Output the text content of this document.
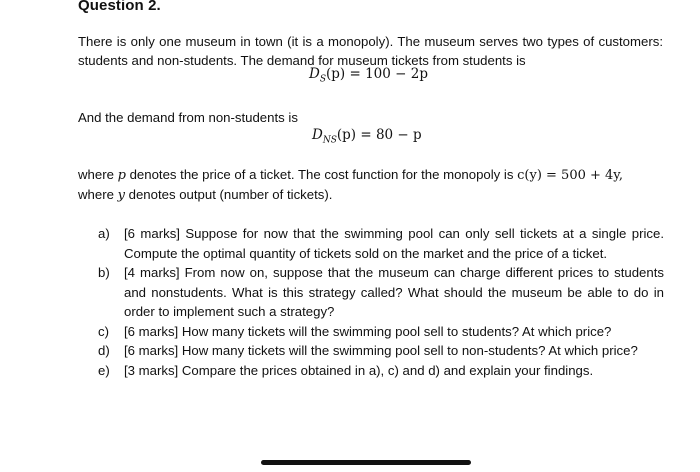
Question 2.
There is only one museum in town (it is a monopoly). The museum serves two types of customers: students and non-students. The demand for museum tickets from students is
$D_S(p) = 100 - 2p$
And the demand from non-students is
$D_{NS}(p) = 80 - p$
where p denotes the price of a ticket. The cost function for the monopoly is c(y) = 500 + 4y,
where y denotes output (number of tickets).
a)	[6 marks] Suppose for now that the swimming pool can only sell tickets at a single price. Compute the optimal quantity of tickets sold on the market and the price of a ticket.
b)	[4 marks] From now on, suppose that the museum can charge different prices to students and nonstudents. What is this strategy called? What should the museum be able to do in order to implement such a strategy?
c)	[6 marks] How many tickets will the swimming pool sell to students? At which price?
d)	[6 marks] How many tickets will the swimming pool sell to non-students? At which price?
e)	[3 marks] Compare the prices obtained in a), c) and d) and explain your findings.
